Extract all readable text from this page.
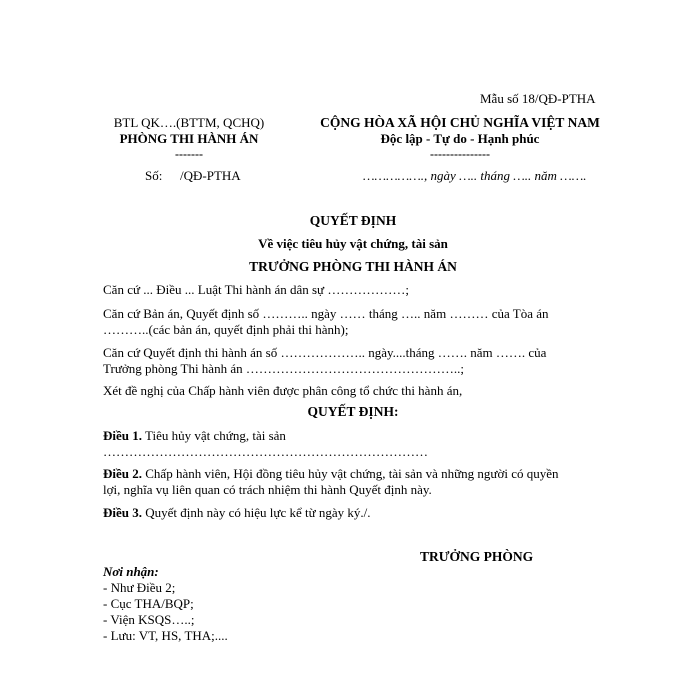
Mẫu số 18/QĐ-PTHA
BTL QK….(BTTM, QCHQ)
PHÒNG THI HÀNH ÁN
-------
CỘNG HÒA XÃ HỘI CHỦ NGHĨA VIỆT NAM
Độc lập - Tự do - Hạnh phúc
---------------
Số: /QĐ-PTHA	……………., ngày ….. tháng ….. năm …….
QUYẾT ĐỊNH
Về việc tiêu hủy vật chứng, tài sản
TRƯỞNG PHÒNG THI HÀNH ÁN
Căn cứ ... Điều ... Luật Thi hành án dân sự ………………;
Căn cứ Bản án, Quyết định số ……….. ngày …… tháng ….. năm ……… của Tòa án
………..(các bản án, quyết định phải thi hành);
Căn cứ Quyết định thi hành án số ……………….. ngày....tháng ……. năm ……. của
Trưởng phòng Thi hành án …………………………………………..;
Xét đề nghị của Chấp hành viên được phân công tổ chức thi hành án,
QUYẾT ĐỊNH:
Điều 1. Tiêu hủy vật chứng, tài sản
…………………………………………………………………
Điều 2. Chấp hành viên, Hội đồng tiêu hủy vật chứng, tài sản và những người có quyền
lợi, nghĩa vụ liên quan có trách nhiệm thi hành Quyết định này.
Điều 3. Quyết định này có hiệu lực kể từ ngày ký./.
TRƯỞNG PHÒNG
Nơi nhận:
- Như Điều 2;
- Cục THA/BQP;
- Viện KSQS…..;
- Lưu: VT, HS, THA;....
